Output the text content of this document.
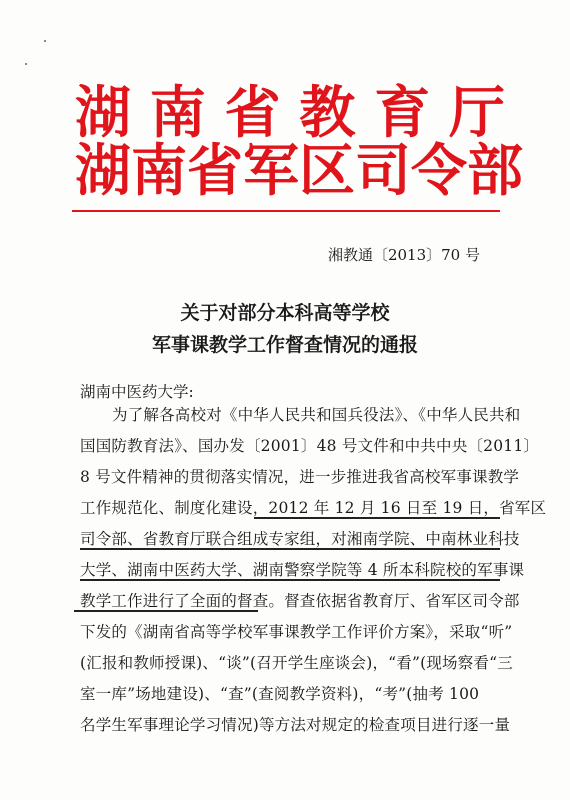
湖 南 省 教 育 厅
湖 南 省 军 区 司 令 部
湘教通〔2013〕70 号
关于对部分本科高等学校
军事课教学工作督查情况的通报
湖南中医药大学:
为了解各高校对《中华人民共和国兵役法》、《中华人民共和
国国防教育法》、国办发〔2001〕48 号文件和中共中央〔2011〕
8 号文件精神的贯彻落实情况，进一步推进我省高校军事课教学
工作规范化、制度化建设，2012 年 12 月 16 日至 19 日，省军区
司令部、省教育厅联合组成专家组，对湘南学院、中南林业科技
大学、湖南中医药大学、湖南警察学院等 4 所本科院校的军事课
教学工作进行了全面的督查。督查依据省教育厅、省军区司令部
下发的《湖南省高等学校军事课教学工作评价方案》，采取“听”
(汇报和教师授课)、“谈”(召开学生座谈会)，“看”(现场察看“三
室一库”场地建设)、“查”(查阅教学资料)，“考”(抽考 100
名学生军事理论学习情况)等方法对规定的检查项目进行逐一量
